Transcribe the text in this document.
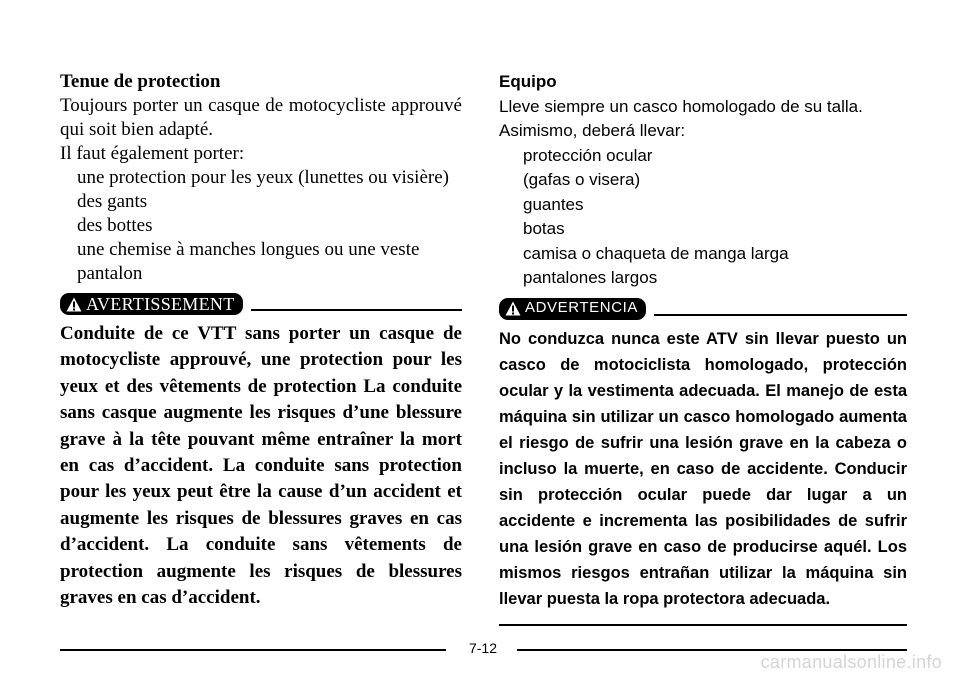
Tenue de protection

Toujours porter un casque de motocycliste approuvé qui soit bien adapté.

Il faut également porter:

une protection pour les yeux (lunettes ou visière)

des gants

des bottes

une chemise à manches longues ou une veste

pantalon

AVERTISSEMENT

Conduite de ce VTT sans porter un casque de motocycliste approuvé, une protection pour les yeux et des vêtements de protection La conduite sans casque augmente les risques d’une blessure grave à la tête pouvant même entraîner la mort en cas d’accident. La conduite sans protection pour les yeux peut être la cause d’un accident et augmente les risques de blessures graves en cas d’accident. La conduite sans vêtements de protection augmente les risques de blessures graves en cas d’accident.

Equipo

Lleve siempre un casco homologado de su talla.

Asimismo, deberá llevar:

protección ocular

(gafas o visera)

guantes

botas

camisa o chaqueta de manga larga

pantalones largos

ADVERTENCIA

No conduzca nunca este ATV sin llevar puesto un casco de motociclista homologado, protección ocular y la vestimenta adecuada. El manejo de esta máquina sin utilizar un casco homologado aumenta el riesgo de sufrir una lesión grave en la cabeza o incluso la muerte, en caso de accidente. Conducir sin protección ocular puede dar lugar a un accidente e incrementa las posibilidades de sufrir una lesión grave en caso de producirse aquél. Los mismos riesgos entrañan utilizar la máquina sin llevar puesta la ropa protectora adecuada.

7-12
carmanualsonline.info
